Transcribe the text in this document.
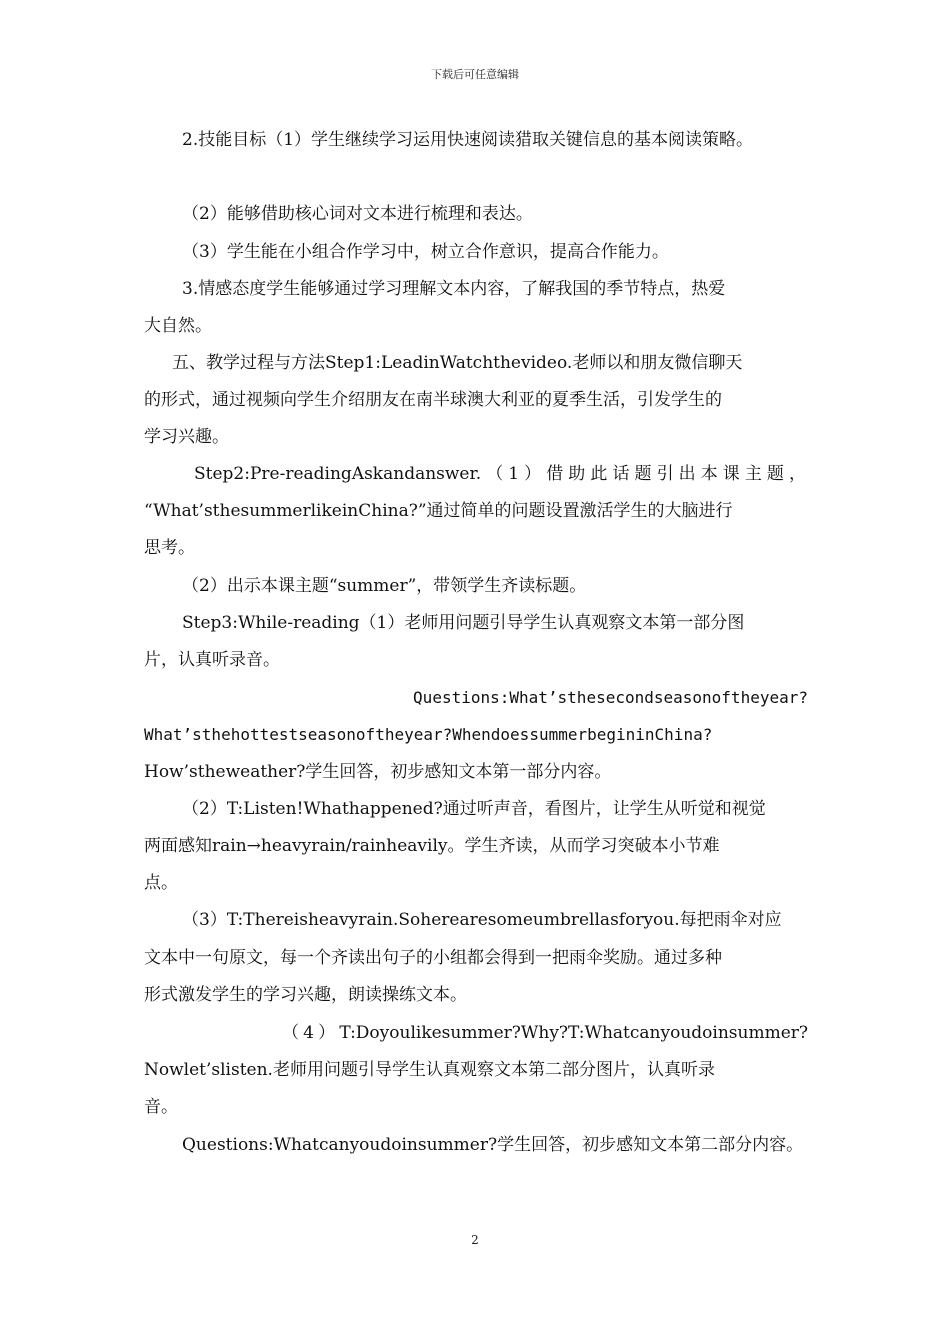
下载后可任意编辑
2.技能目标（1）学生继续学习运用快速阅读猎取关键信息的基本阅读策略。
（2）能够借助核心词对文本进行梳理和表达。
（3）学生能在小组合作学习中，树立合作意识，提高合作能力。
3.情感态度学生能够通过学习理解文本内容，了解我国的季节特点，热爱
大自然。
五、教学过程与方法Step1:LeadinWatchthevideo.老师以和朋友微信聊天
的形式，通过视频向学生介绍朋友在南半球澳大利亚的夏季生活，引发学生的
学习兴趣。
Step2:Pre-readingAskandanswer.（1）借助此话题引出本课主题，
“What’sthesummerlikeinChina?”通过简单的问题设置激活学生的大脑进行
思考。
（2）出示本课主题“summer”，带领学生齐读标题。
Step3:While-reading（1）老师用问题引导学生认真观察文本第一部分图
片，认真听录音。
Questions:What’sthesecondseasonoftheyear?
What’sthehottestseasonoftheyear?WhendoessummerbegininChina?
How’stheweather?学生回答，初步感知文本第一部分内容。
（2）T:Listen!Whathappened?通过听声音，看图片，让学生从听觉和视觉
两面感知rain→heavyrain/rainheavily。学生齐读，从而学习突破本小节难
点。
（3）T:Thereisheavyrain.Soherearesomeumbrellasforyou.每把雨伞对应
文本中一句原文，每一个齐读出句子的小组都会得到一把雨伞奖励。通过多种
形式激发学生的学习兴趣，朗读操练文本。
（4）T:Doyoulikesummer?Why?T:Whatcanyoudoinsummer?
Nowlet’slisten.老师用问题引导学生认真观察文本第二部分图片，认真听录
音。
Questions:Whatcanyoudoinsummer?学生回答，初步感知文本第二部分内容。
2
